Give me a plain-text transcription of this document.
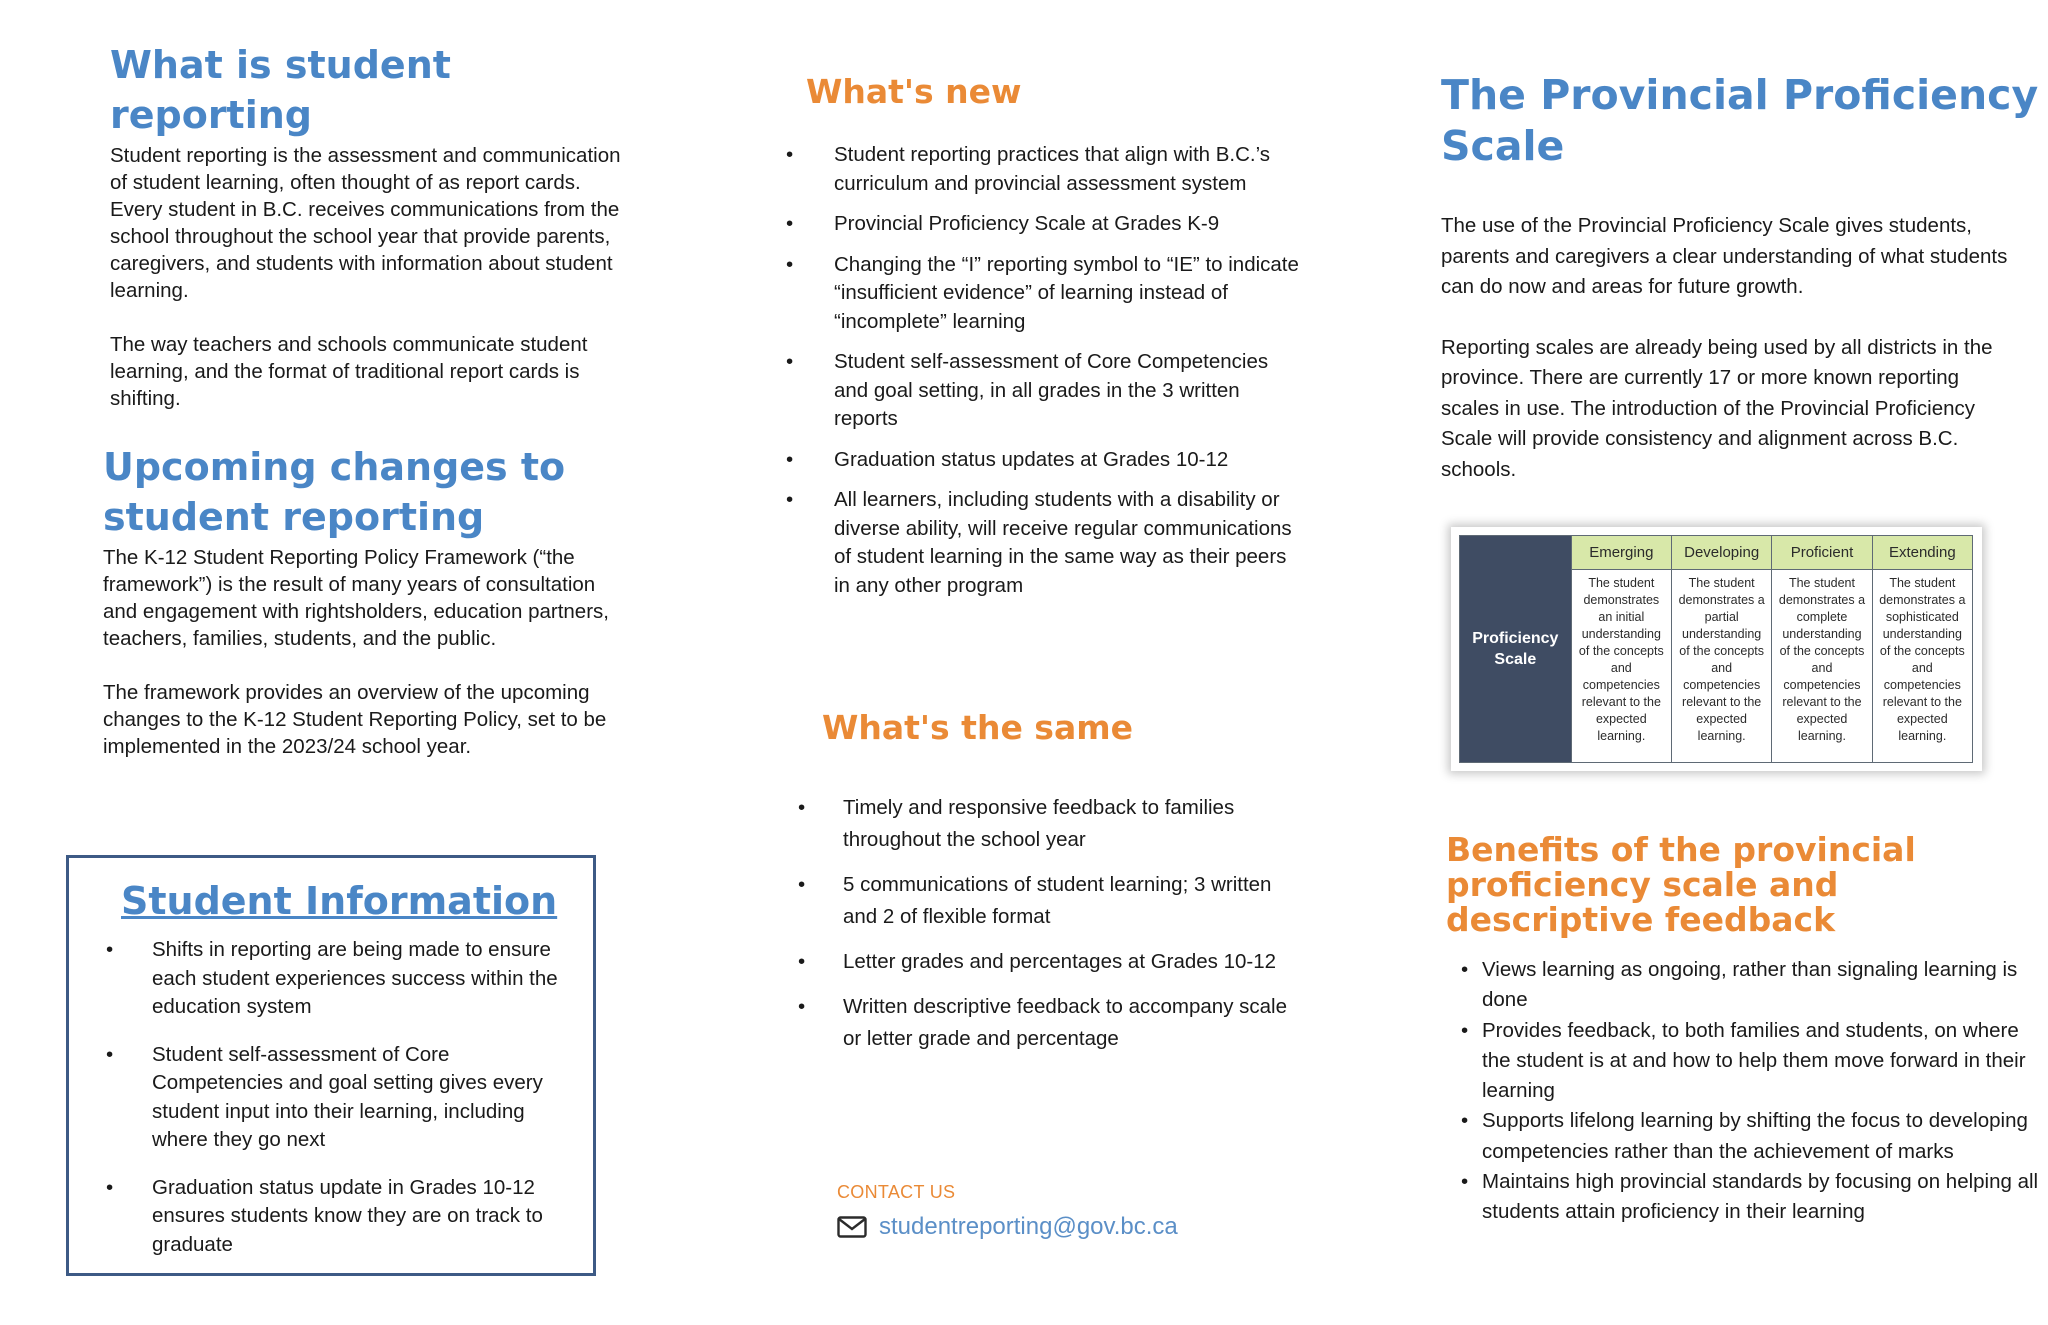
What is student reporting

Student reporting is the assessment and communication of student learning, often thought of as report cards. Every student in B.C. receives communications from the school throughout the school year that provide parents, caregivers, and students with information about student learning.

The way teachers and schools communicate student learning, and the format of traditional report cards is shifting.

Upcoming changes to student reporting

The K-12 Student Reporting Policy Framework (“the framework”) is the result of many years of consultation and engagement with rightsholders, education partners, teachers, families, students, and the public.

The framework provides an overview of the upcoming changes to the K-12 Student Reporting Policy, set to be implemented in the 2023/24 school year.

Student Information
• Shifts in reporting are being made to ensure each student experiences success within the education system
• Student self-assessment of Core Competencies and goal setting gives every student input into their learning, including where they go next
• Graduation status update in Grades 10-12 ensures students know they are on track to graduate
What's new
• Student reporting practices that align with B.C.’s curriculum and provincial assessment system
• Provincial Proficiency Scale at Grades K-9
• Changing the “I” reporting symbol to “IE” to indicate “insufficient evidence” of learning instead of “incomplete” learning
• Student self-assessment of Core Competencies and goal setting, in all grades in the 3 written reports
• Graduation status updates at Grades 10-12
• All learners, including students with a disability or diverse ability, will receive regular communications of student learning in the same way as their peers in any other program
What's the same
• Timely and responsive feedback to families throughout the school year
• 5 communications of student learning; 3 written and 2 of flexible format
• Letter grades and percentages at Grades 10-12
• Written descriptive feedback to accompany scale or letter grade and percentage
CONTACT US
studentreporting@gov.bc.ca
The Provincial Proficiency Scale

The use of the Provincial Proficiency Scale gives students, parents and caregivers a clear understanding of what students can do now and areas for future growth.

Reporting scales are already being used by all districts in the province. There are currently 17 or more known reporting scales in use. The introduction of the Provincial Proficiency Scale will provide consistency and alignment across B.C. schools.

Proficiency Scale	Emerging	Developing	Proficient	Extending
	The student demonstrates an initial understanding of the concepts and competencies relevant to the expected learning.	The student demonstrates a partial understanding of the concepts and competencies relevant to the expected learning.	The student demonstrates a complete understanding of the concepts and competencies relevant to the expected learning.	The student demonstrates a sophisticated understanding of the concepts and competencies relevant to the expected learning.
Benefits of the provincial proficiency scale and descriptive feedback
• Views learning as ongoing, rather than signaling learning is done
• Provides feedback, to both families and students, on where the student is at and how to help them move forward in their learning
• Supports lifelong learning by shifting the focus to developing competencies rather than the achievement of marks
• Maintains high provincial standards by focusing on helping all students attain proficiency in their learning
